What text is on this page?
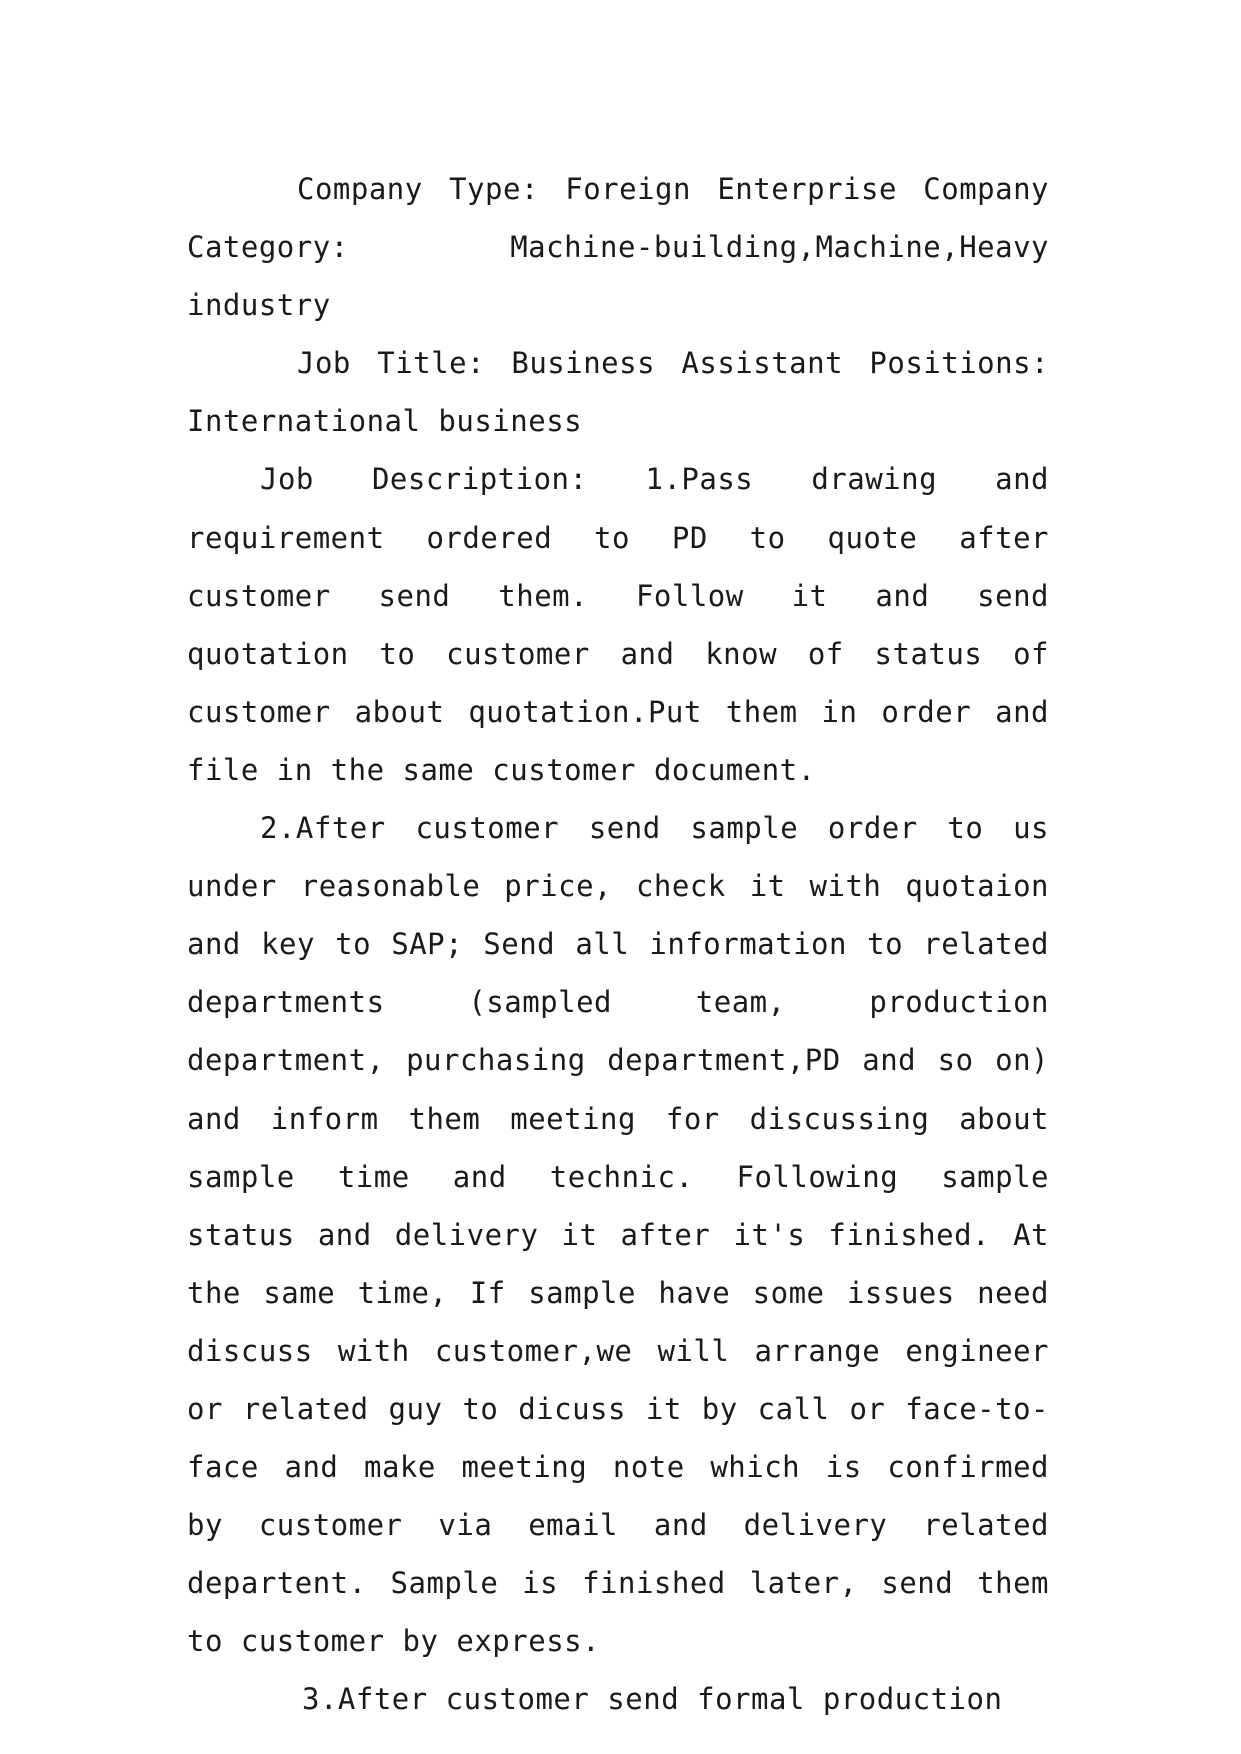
Company Type: Foreign Enterprise Company Category: Machine-building,Machine,Heavy industry

Job Title: Business Assistant Positions: International business

Job Description: 1.Pass drawing and requirement ordered to PD to quote after customer send them. Follow it and send quotation to customer and know of status of customer about quotation.Put them in order and file in the same customer document.

2.After customer send sample order to us under reasonable price, check it with quotaion and key to SAP; Send all information to related departments (sampled team, production department, purchasing department,PD and so on) and inform them meeting for discussing about sample time and technic. Following sample status and delivery it after it's finished. At the same time, If sample have some issues need discuss with customer,we will arrange engineer or related guy to dicuss it by call or face-to-face and make meeting note which is confirmed by customer via email and delivery related departent. Sample is finished later, send them to customer by express.

3.After customer send formal production
